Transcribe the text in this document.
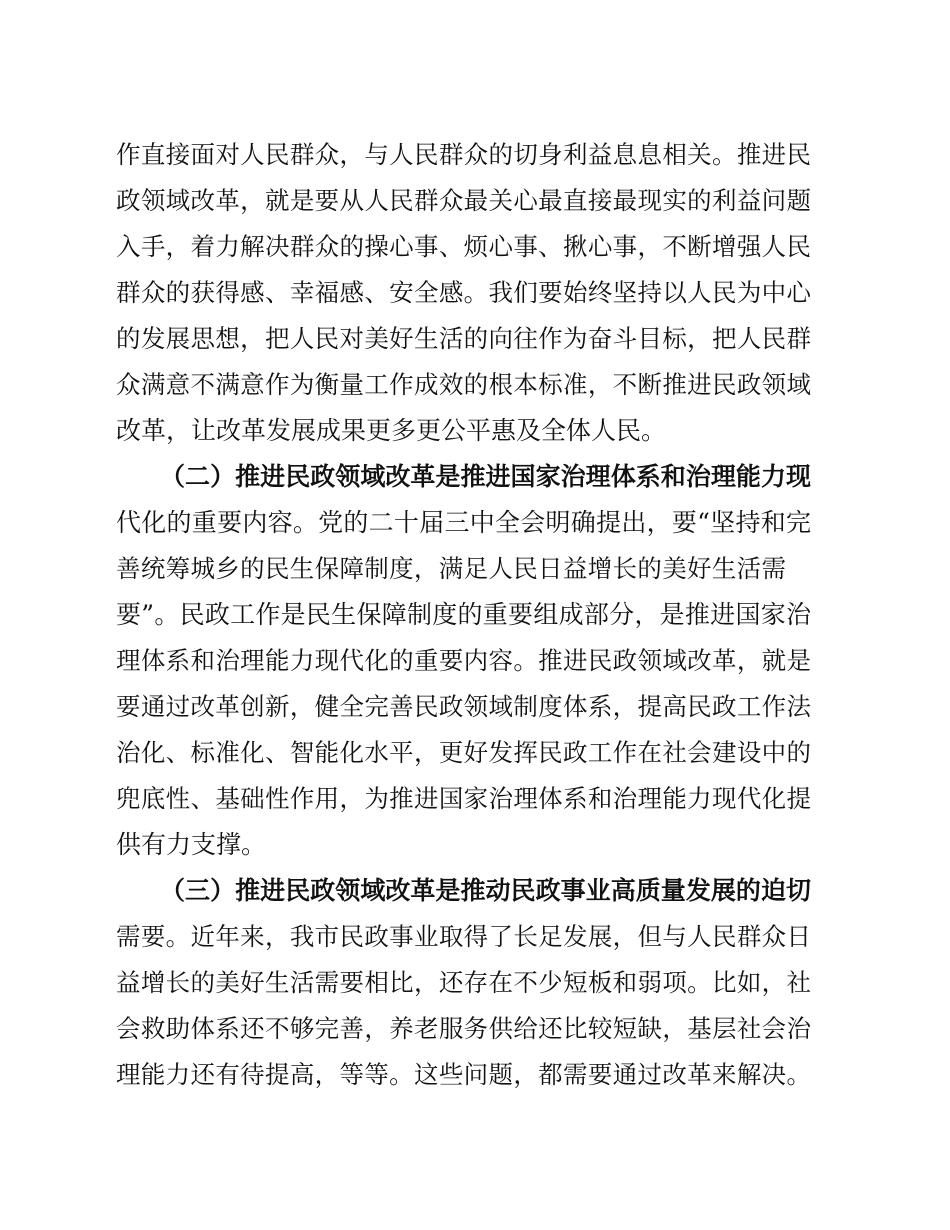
作直接面对人民群众，与人民群众的切身利益息息相关。推进民
政领域改革，就是要从人民群众最关心最直接最现实的利益问题
入手，着力解决群众的操心事、烦心事、揪心事，不断增强人民
群众的获得感、幸福感、安全感。我们要始终坚持以人民为中心
的发展思想，把人民对美好生活的向往作为奋斗目标，把人民群
众满意不满意作为衡量工作成效的根本标准，不断推进民政领域
改革，让改革发展成果更多更公平惠及全体人民。
（二）推进民政领域改革是推进国家治理体系和治理能力现
代化的重要内容。党的二十届三中全会明确提出，要“坚持和完
善统筹城乡的民生保障制度，满足人民日益增长的美好生活需
要”。民政工作是民生保障制度的重要组成部分，是推进国家治
理体系和治理能力现代化的重要内容。推进民政领域改革，就是
要通过改革创新，健全完善民政领域制度体系，提高民政工作法
治化、标准化、智能化水平，更好发挥民政工作在社会建设中的
兜底性、基础性作用，为推进国家治理体系和治理能力现代化提
供有力支撑。
（三）推进民政领域改革是推动民政事业高质量发展的迫切
需要。近年来，我市民政事业取得了长足发展，但与人民群众日
益增长的美好生活需要相比，还存在不少短板和弱项。比如，社
会救助体系还不够完善，养老服务供给还比较短缺，基层社会治
理能力还有待提高，等等。这些问题，都需要通过改革来解决。
